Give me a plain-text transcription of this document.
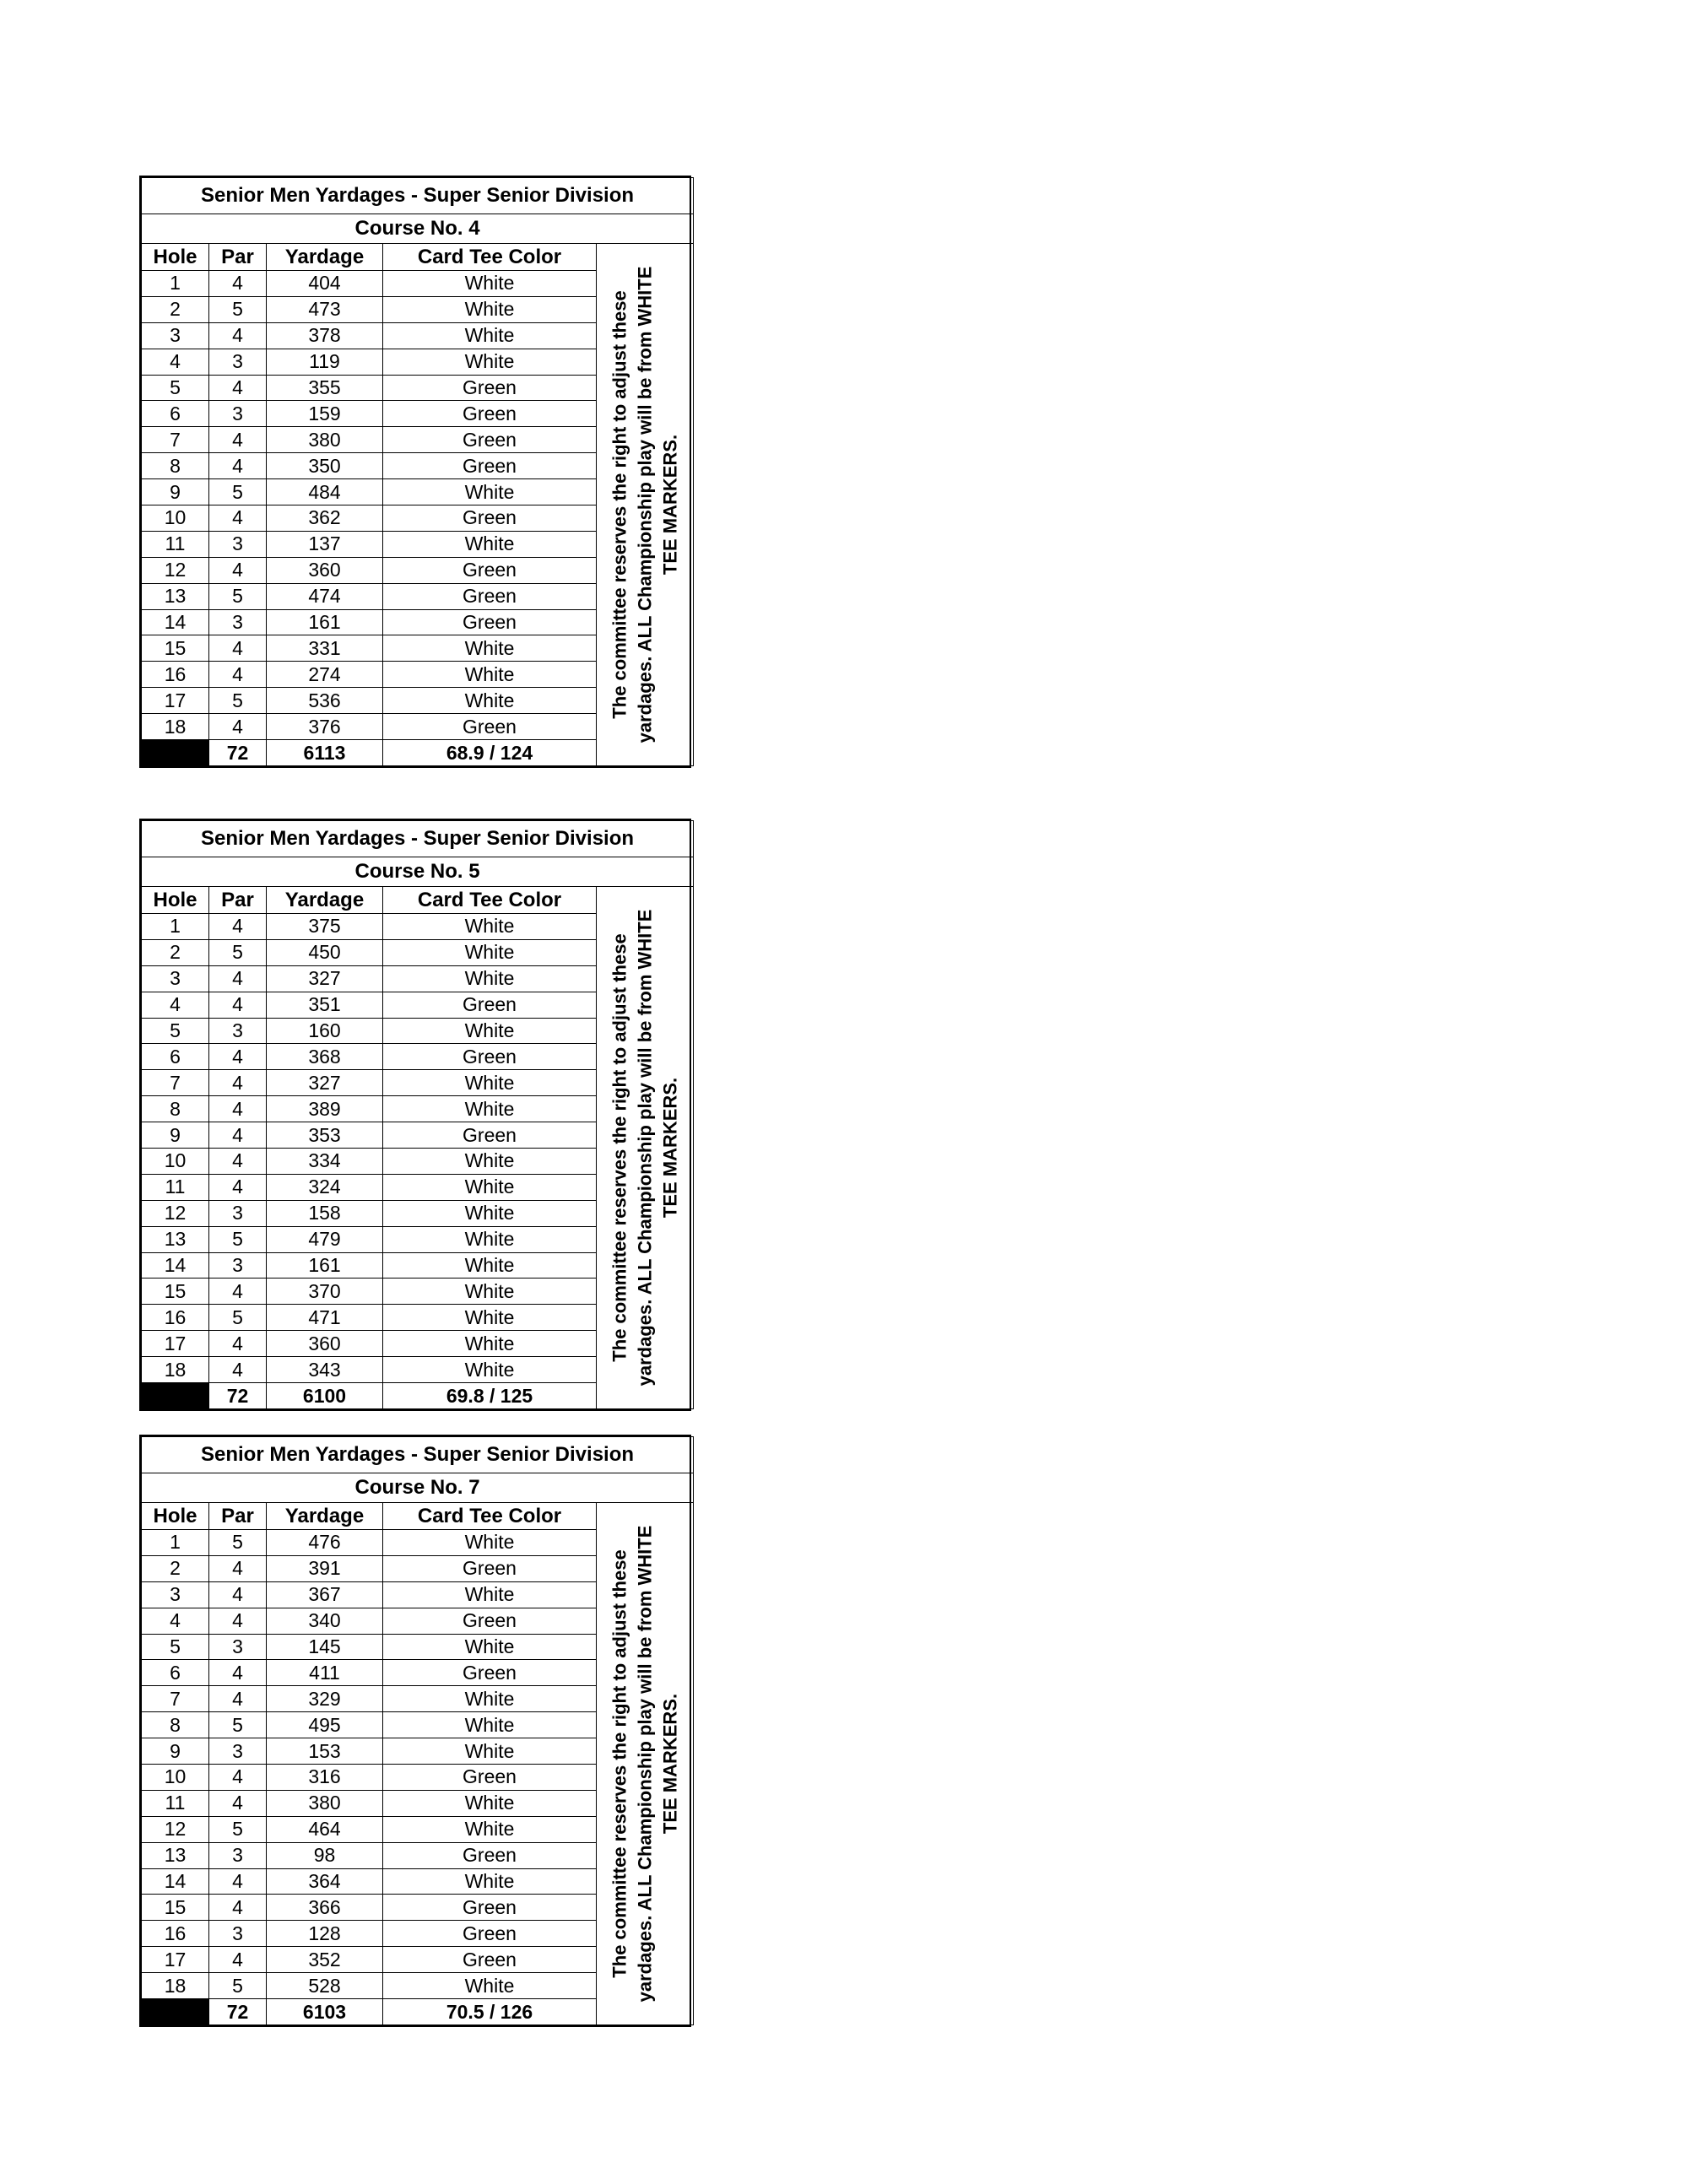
Senior Men Yardages - Super Senior Division				
Course No. 4				
Hole	Par	Yardage	Card Tee Color	The committee reserves the right to adjust these yardages. ALL Championship play will be from WHITE TEE MARKERS.

1	4	404	White	
2	5	473	White	
3	4	378	White	
4	3	119	White	
5	4	355	Green	
6	3	159	Green	
7	4	380	Green	
8	4	350	Green	
9	5	484	White	
10	4	362	Green	
11	3	137	White	
12	4	360	Green	
13	5	474	Green	
14	3	161	Green	
15	4	331	White	
16	4	274	White	
17	5	536	White	
18	4	376	Green	
	72	6113	68.9 / 124	
Senior Men Yardages - Super Senior Division				
Course No. 5				
Hole	Par	Yardage	Card Tee Color	The committee reserves the right to adjust these yardages. ALL Championship play will be from WHITE TEE MARKERS.

1	4	375	White	
2	5	450	White	
3	4	327	White	
4	4	351	Green	
5	3	160	White	
6	4	368	Green	
7	4	327	White	
8	4	389	White	
9	4	353	Green	
10	4	334	White	
11	4	324	White	
12	3	158	White	
13	5	479	White	
14	3	161	White	
15	4	370	White	
16	5	471	White	
17	4	360	White	
18	4	343	White	
	72	6100	69.8 / 125	
Senior Men Yardages - Super Senior Division				
Course No. 7				
Hole	Par	Yardage	Card Tee Color	The committee reserves the right to adjust these yardages. ALL Championship play will be from WHITE TEE MARKERS.

1	5	476	White	
2	4	391	Green	
3	4	367	White	
4	4	340	Green	
5	3	145	White	
6	4	411	Green	
7	4	329	White	
8	5	495	White	
9	3	153	White	
10	4	316	Green	
11	4	380	White	
12	5	464	White	
13	3	98	Green	
14	4	364	White	
15	4	366	Green	
16	3	128	Green	
17	4	352	Green	
18	5	528	White	
	72	6103	70.5 / 126	
